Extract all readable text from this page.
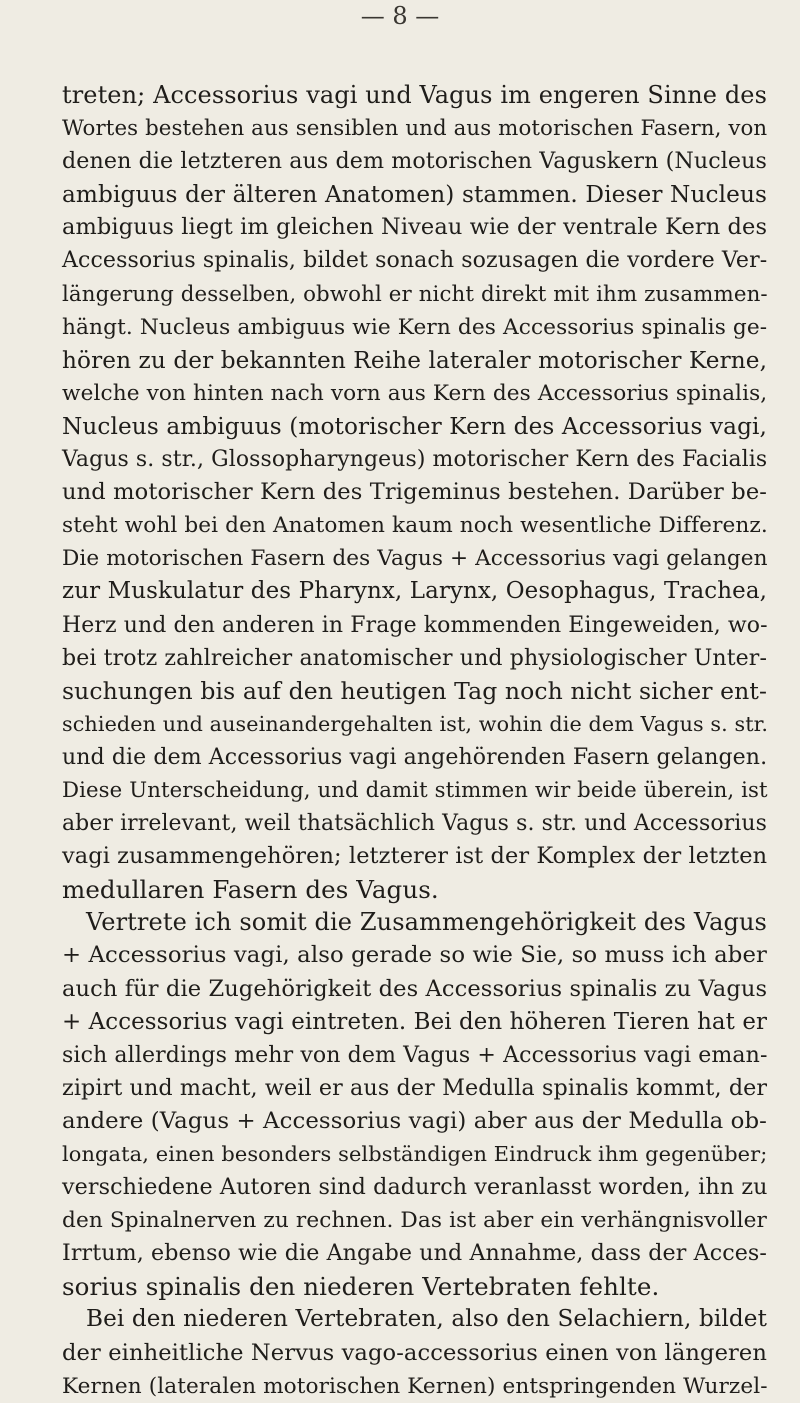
— 8 —
treten; Accessorius vagi und Vagus im engeren Sinne des
Wortes bestehen aus sensiblen und aus motorischen Fasern, von
denen die letzteren aus dem motorischen Vaguskern (Nucleus
ambiguus der älteren Anatomen) stammen. Dieser Nucleus
ambiguus liegt im gleichen Niveau wie der ventrale Kern des
Accessorius spinalis, bildet sonach sozusagen die vordere Ver-
längerung desselben, obwohl er nicht direkt mit ihm zusammen-
hängt. Nucleus ambiguus wie Kern des Accessorius spinalis ge-
hören zu der bekannten Reihe lateraler motorischer Kerne,
welche von hinten nach vorn aus Kern des Accessorius spinalis,
Nucleus ambiguus (motorischer Kern des Accessorius vagi,
Vagus s. str., Glossopharyngeus) motorischer Kern des Facialis
und motorischer Kern des Trigeminus bestehen. Darüber be-
steht wohl bei den Anatomen kaum noch wesentliche Differenz.
Die motorischen Fasern des Vagus + Accessorius vagi gelangen
zur Muskulatur des Pharynx, Larynx, Oesophagus, Trachea,
Herz und den anderen in Frage kommenden Eingeweiden, wo-
bei trotz zahlreicher anatomischer und physiologischer Unter-
suchungen bis auf den heutigen Tag noch nicht sicher ent-
schieden und auseinandergehalten ist, wohin die dem Vagus s. str.
und die dem Accessorius vagi angehörenden Fasern gelangen.
Diese Unterscheidung, und damit stimmen wir beide überein, ist
aber irrelevant, weil thatsächlich Vagus s. str. und Accessorius
vagi zusammengehören; letzterer ist der Komplex der letzten
medullaren Fasern des Vagus.
Vertrete ich somit die Zusammengehörigkeit des Vagus
+ Accessorius vagi, also gerade so wie Sie, so muss ich aber
auch für die Zugehörigkeit des Accessorius spinalis zu Vagus
+ Accessorius vagi eintreten. Bei den höheren Tieren hat er
sich allerdings mehr von dem Vagus + Accessorius vagi eman-
zipirt und macht, weil er aus der Medulla spinalis kommt, der
andere (Vagus + Accessorius vagi) aber aus der Medulla ob-
longata, einen besonders selbständigen Eindruck ihm gegenüber;
verschiedene Autoren sind dadurch veranlasst worden, ihn zu
den Spinalnerven zu rechnen. Das ist aber ein verhängnisvoller
Irrtum, ebenso wie die Angabe und Annahme, dass der Acces-
sorius spinalis den niederen Vertebraten fehlte.
Bei den niederen Vertebraten, also den Selachiern, bildet
der einheitliche Nervus vago-accessorius einen von längeren
Kernen (lateralen motorischen Kernen) entspringenden Wurzel-
